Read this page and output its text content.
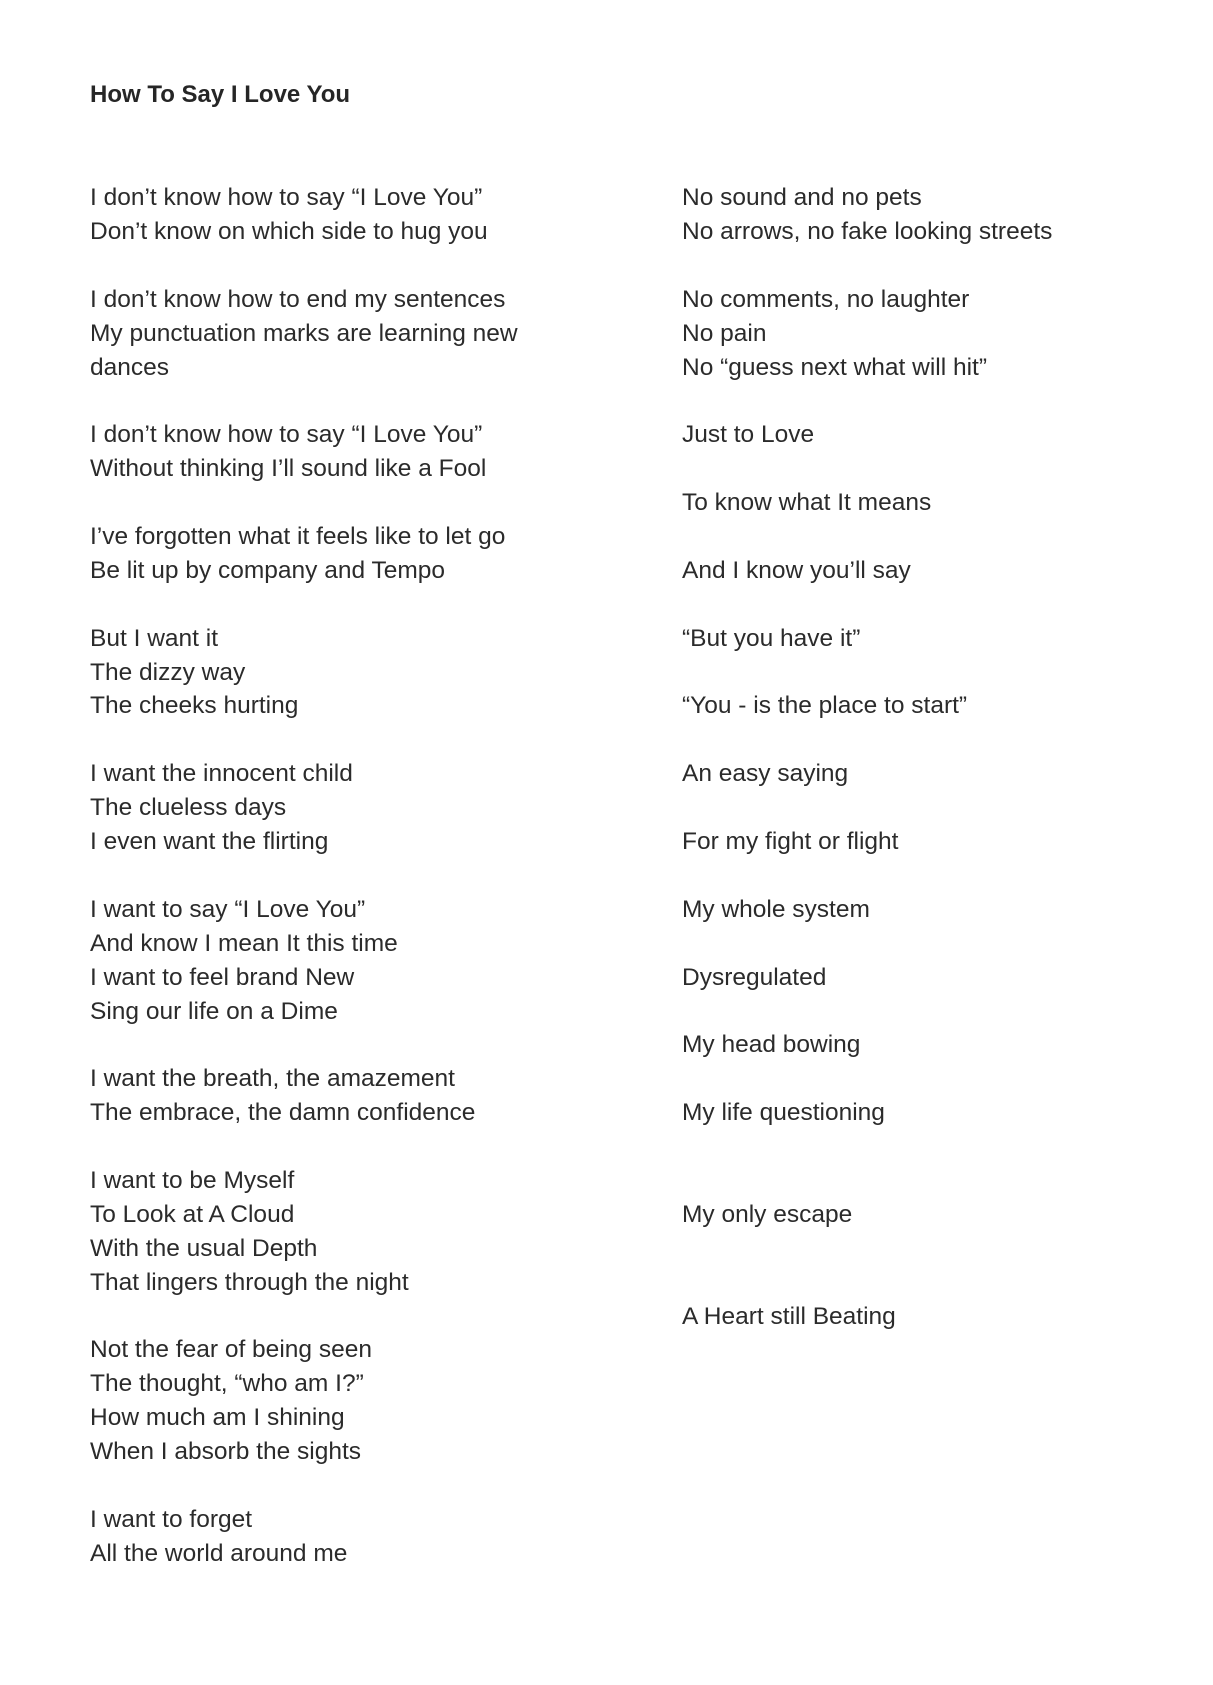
How To Say I Love You
I don’t know how to say “I Love You”
Don’t know on which side to hug you
I don’t know how to end my sentences
My punctuation marks are learning new
dances
I don’t know how to say “I Love You”
Without thinking I’ll sound like a Fool
I’ve forgotten what it feels like to let go
Be lit up by company and Tempo
But I want it
The dizzy way
The cheeks hurting
I want the innocent child
The clueless days
I even want the flirting
I want to say “I Love You”
And know I mean It this time
I want to feel brand New
Sing our life on a Dime
I want the breath, the amazement
The embrace, the damn confidence
I want to be Myself
To Look at A Cloud
With the usual Depth
That lingers through the night
Not the fear of being seen
The thought, “who am I?”
How much am I shining
When I absorb the sights
I want to forget
All the world around me
No sound and no pets
No arrows, no fake looking streets
No comments, no laughter
No pain
No “guess next what will hit”
Just to Love
To know what It means
And I know you’ll say
“But you have it”
“You - is the place to start”
An easy saying
For my fight or flight
My whole system
Dysregulated
My head bowing
My life questioning
My only escape
A Heart still Beating
